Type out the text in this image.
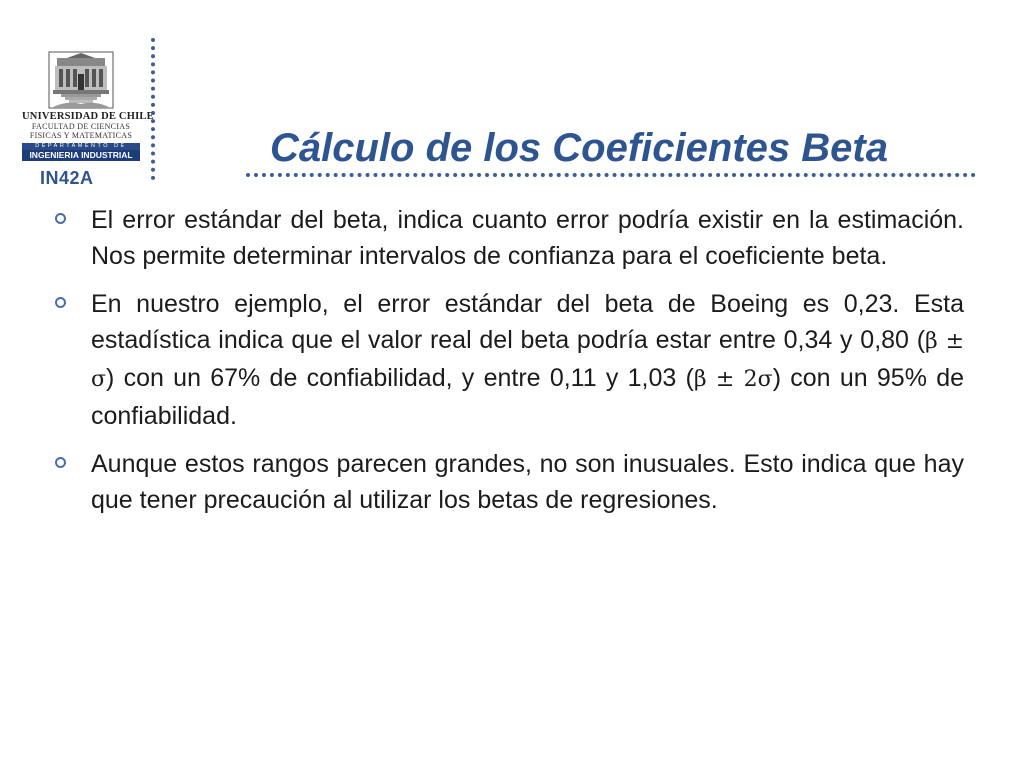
UNIVERSIDAD DE CHILE
FACULTAD DE CIENCIAS
FISICAS Y MATEMATICAS
DEPARTAMENTO DE
INGENIERIA INDUSTRIAL
IN42A
Cálculo de los Coeficientes Beta

El error estándar del beta, indica cuanto error podría existir en la estimación. Nos permite determinar intervalos de confianza para el coeficiente beta.

En nuestro ejemplo, el error estándar del beta de Boeing es 0,23. Esta estadística indica que el valor real del beta podría estar entre 0,34 y 0,80 (β ± σ) con un 67% de confiabilidad, y entre 0,11 y 1,03 (β ± 2σ) con un 95% de confiabilidad.

Aunque estos rangos parecen grandes, no son inusuales. Esto indica que hay que tener precaución al utilizar los betas de regresiones.
